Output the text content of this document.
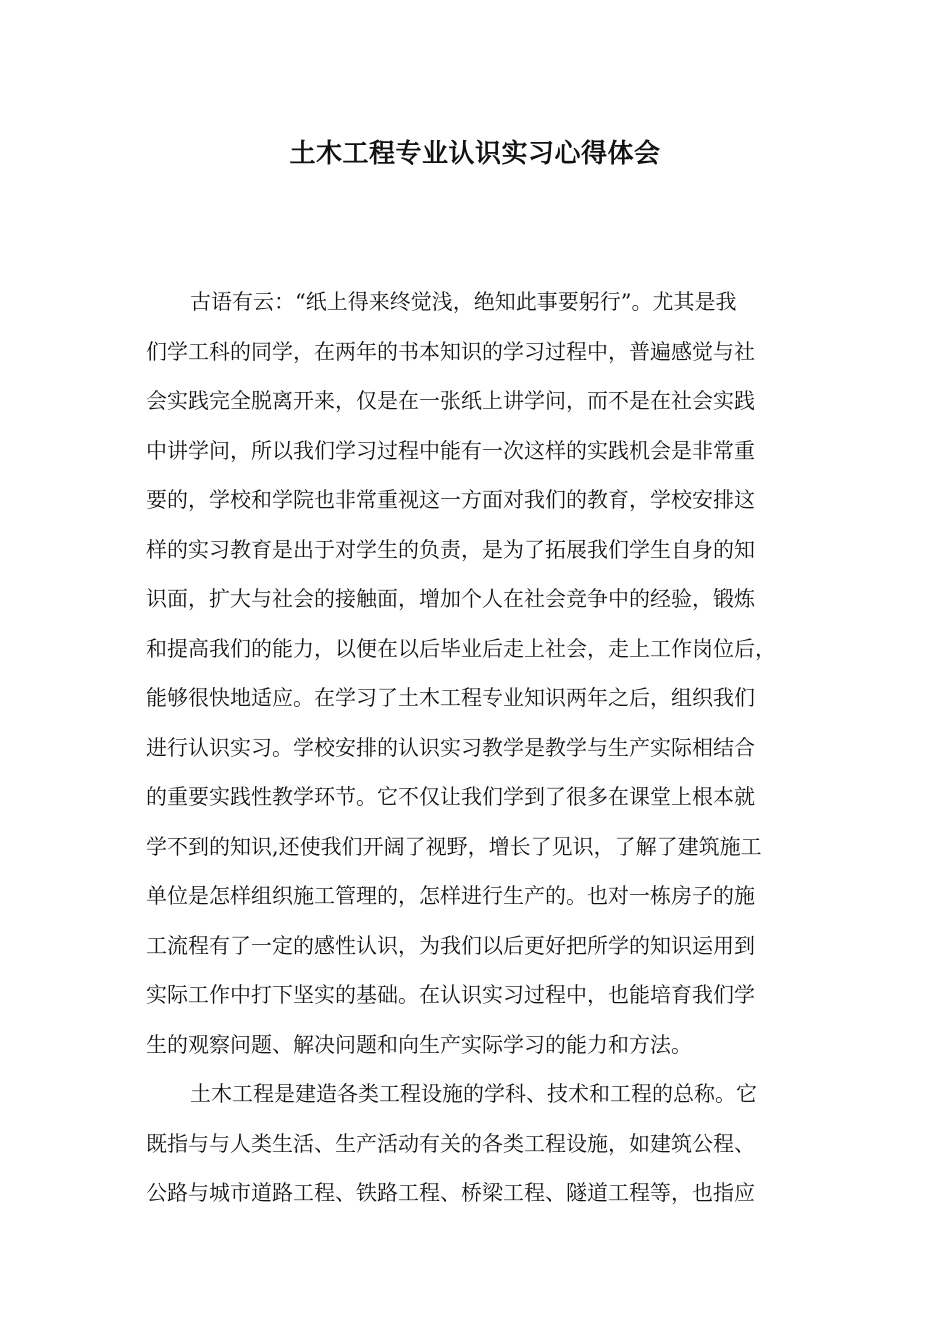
土木工程专业认识实习心得体会

古语有云：“纸上得来终觉浅，绝知此事要躬行”。尤其是我
们学工科的同学，在两年的书本知识的学习过程中，普遍感觉与社
会实践完全脱离开来，仅是在一张纸上讲学问，而不是在社会实践
中讲学问，所以我们学习过程中能有一次这样的实践机会是非常重
要的，学校和学院也非常重视这一方面对我们的教育，学校安排这
样的实习教育是出于对学生的负责，是为了拓展我们学生自身的知
识面，扩大与社会的接触面，增加个人在社会竞争中的经验，锻炼
和提高我们的能力，以便在以后毕业后走上社会，走上工作岗位后，
能够很快地适应。在学习了土木工程专业知识两年之后，组织我们
进行认识实习。学校安排的认识实习教学是教学与生产实际相结合
的重要实践性教学环节。它不仅让我们学到了很多在课堂上根本就
学不到的知识,还使我们开阔了视野，增长了见识，了解了建筑施工
单位是怎样组织施工管理的，怎样进行生产的。也对一栋房子的施
工流程有了一定的感性认识，为我们以后更好把所学的知识运用到
实际工作中打下坚实的基础。在认识实习过程中，也能培育我们学
生的观察问题、解决问题和向生产实际学习的能力和方法。

土木工程是建造各类工程设施的学科、技术和工程的总称。它
既指与与人类生活、生产活动有关的各类工程设施，如建筑公程、
公路与城市道路工程、铁路工程、桥梁工程、隧道工程等，也指应
